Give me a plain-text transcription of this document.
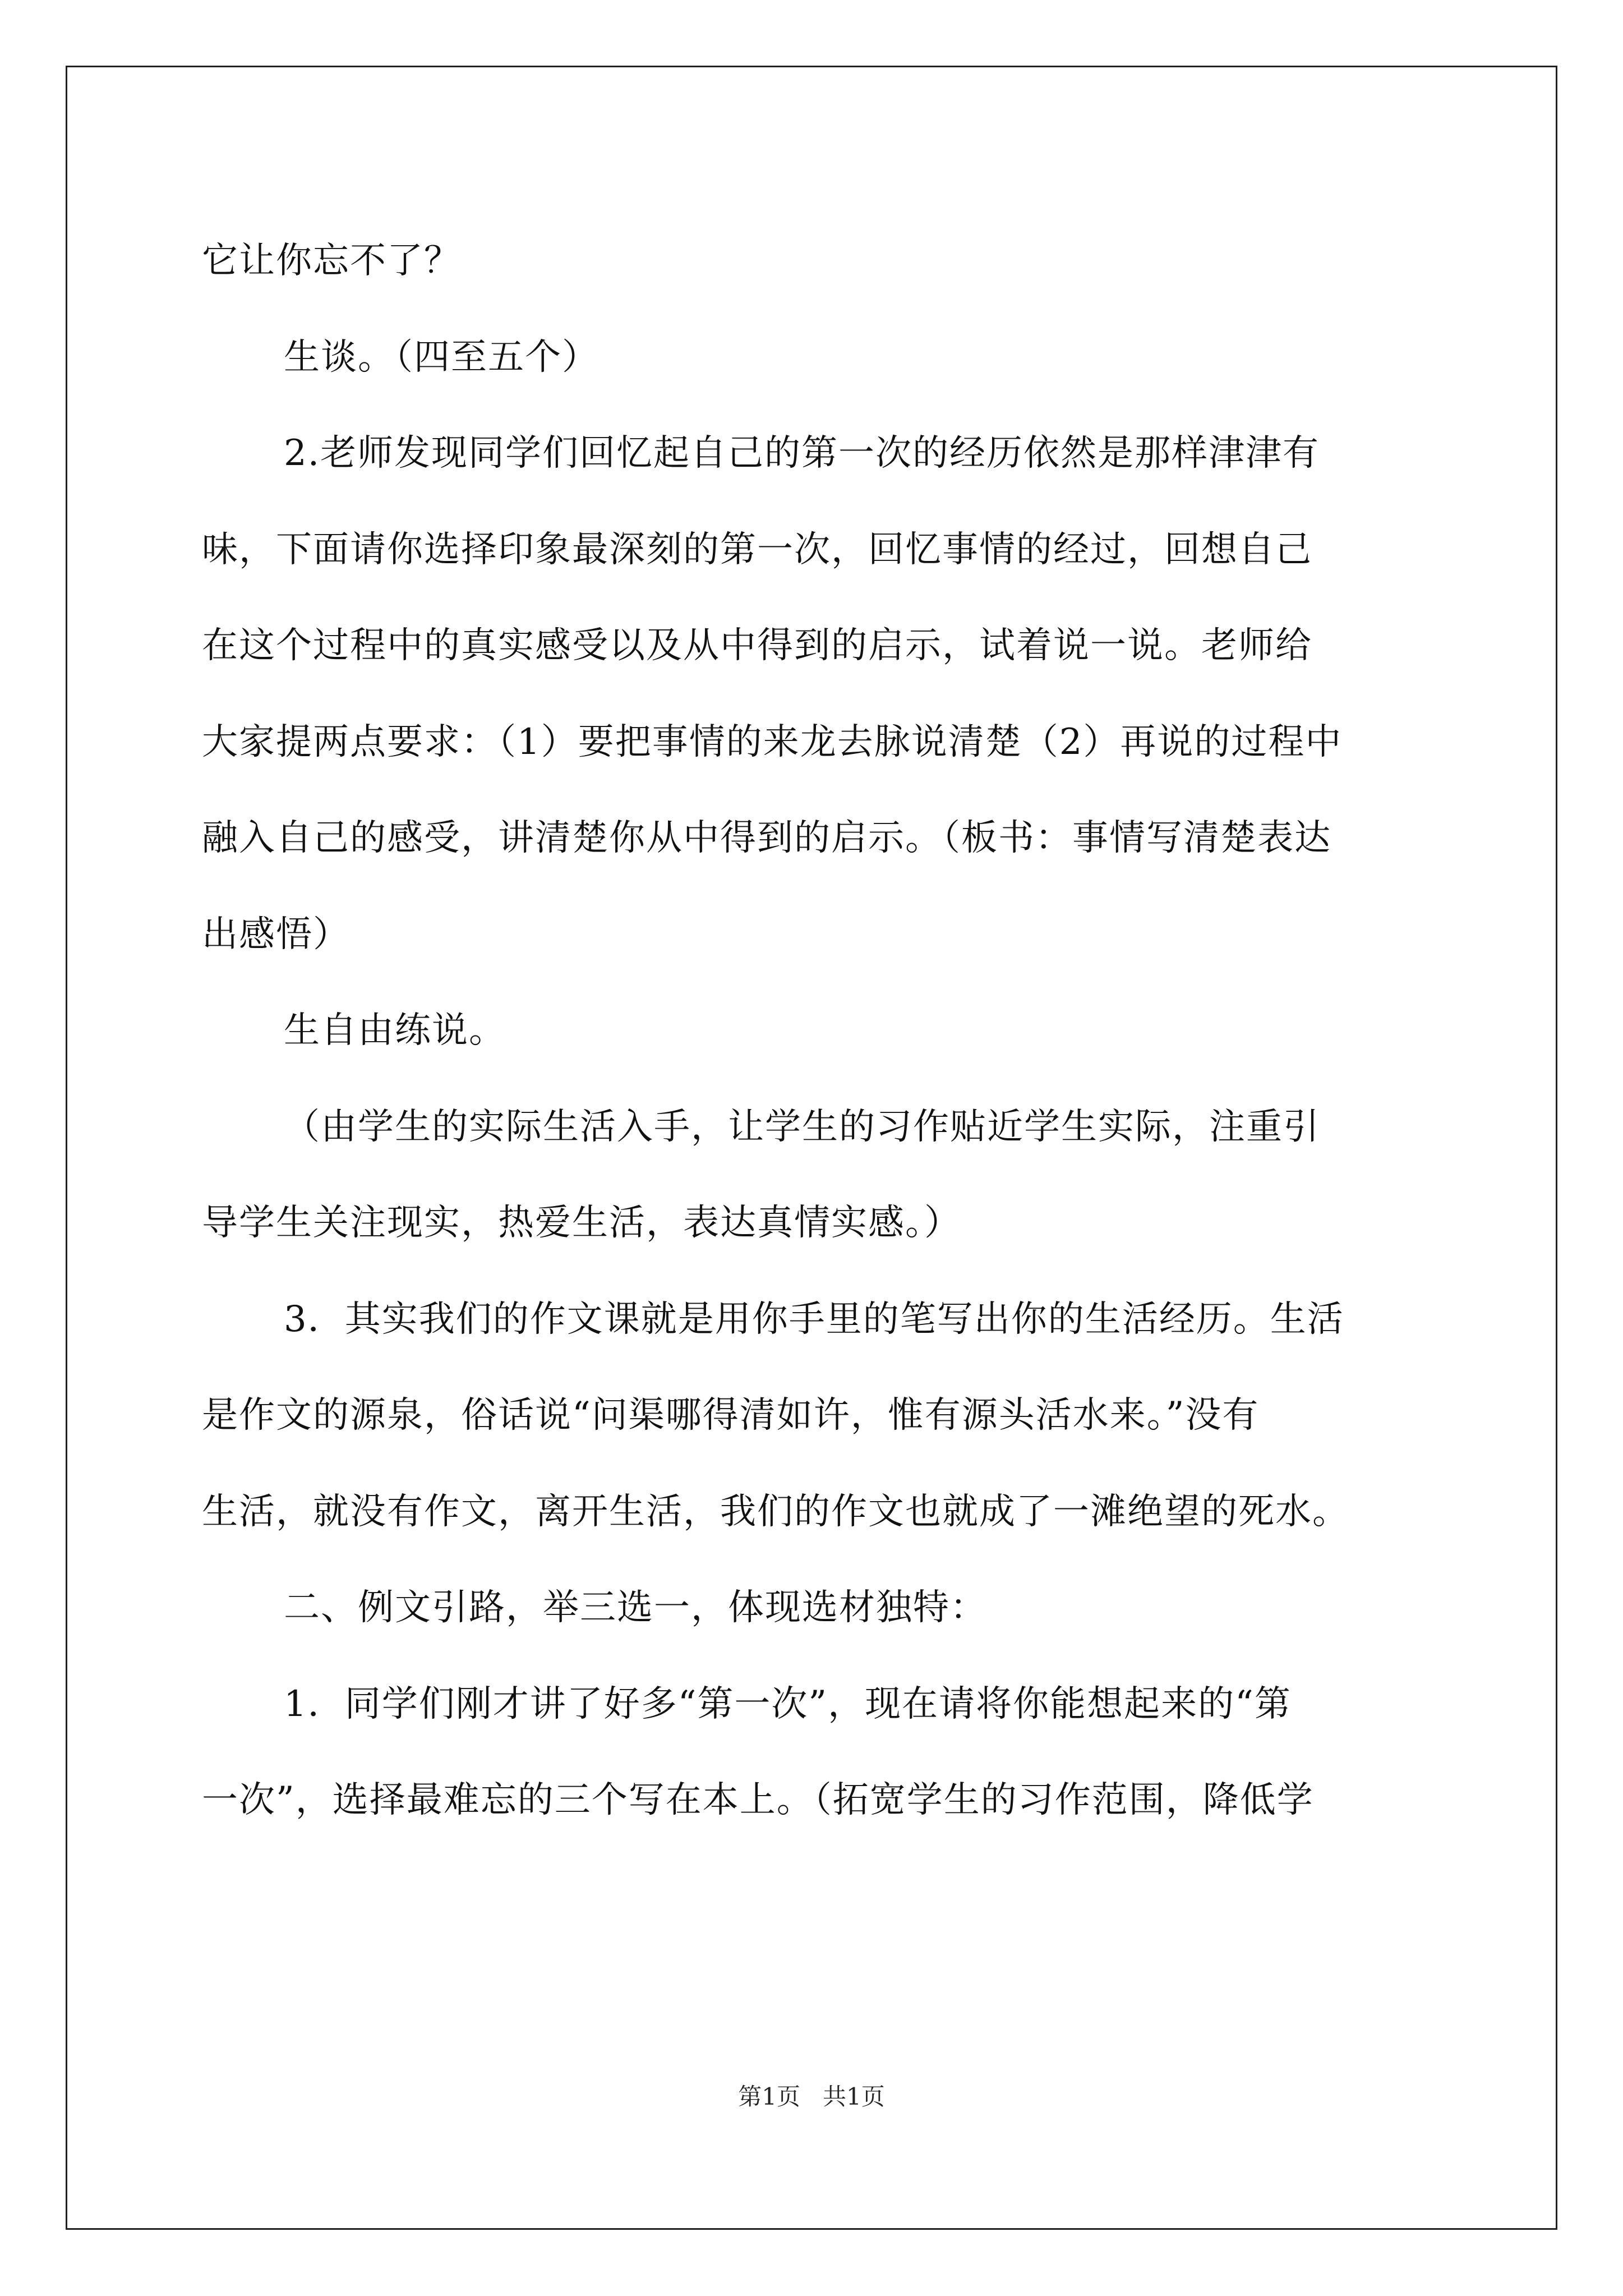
它让你忘不了？

生谈。（四至五个）

2.老师发现同学们回忆起自己的第一次的经历依然是那样津津有

味，下面请你选择印象最深刻的第一次，回忆事情的经过，回想自己

在这个过程中的真实感受以及从中得到的启示，试着说一说。老师给

大家提两点要求：（1）要把事情的来龙去脉说清楚（2）再说的过程中

融入自己的感受，讲清楚你从中得到的启示。（板书：事情写清楚表达

出感悟）

生自由练说。

（由学生的实际生活入手，让学生的习作贴近学生实际，注重引

导学生关注现实，热爱生活，表达真情实感。）

3．其实我们的作文课就是用你手里的笔写出你的生活经历。生活

是作文的源泉，俗话说“问渠哪得清如许，惟有源头活水来。”没有

生活，就没有作文，离开生活，我们的作文也就成了一滩绝望的死水。

二、例文引路，举三选一，体现选材独特：

1．同学们刚才讲了好多“第一次”，现在请将你能想起来的“第

一次”，选择最难忘的三个写在本上。（拓宽学生的习作范围，降低学

第1页   共1页
